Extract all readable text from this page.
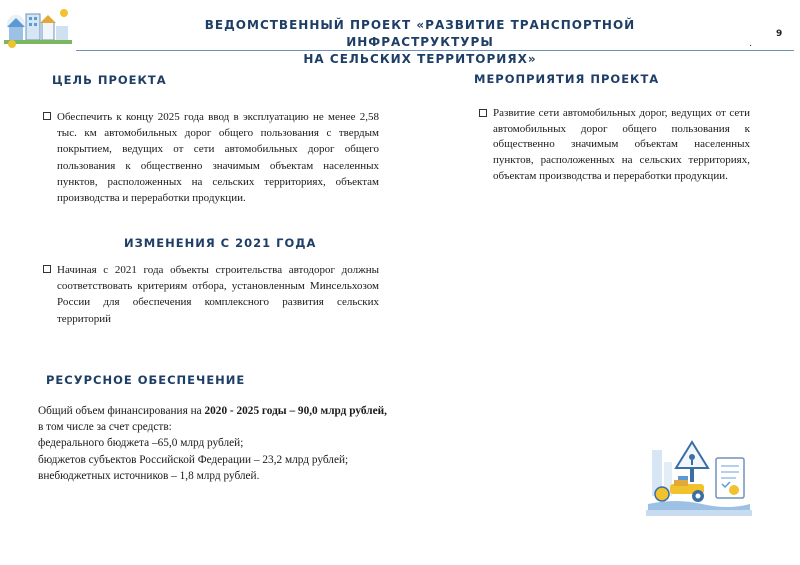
ВЕДОМСТВЕННЫЙ ПРОЕКТ «РАЗВИТИЕ ТРАНСПОРТНОЙ ИНФРАСТРУКТУРЫ
НА СЕЛЬСКИХ ТЕРРИТОРИЯХ»
.
9
ЦЕЛЬ ПРОЕКТА
Обеспечить к концу 2025 года ввод в эксплуатацию не менее 2,58 тыс. км автомобильных дорог общего пользования с твердым покрытием, ведущих от сети автомобильных дорог общего пользования к общественно значимым объектам населенных пунктов, расположенных на сельских территориях, объектам производства и переработки продукции.
ИЗМЕНЕНИЯ С 2021 ГОДА
Начиная с 2021 года объекты строительства автодорог должны соответствовать критериям отбора, установленным Минсельхозом России для обеспечения комплексного развития сельских территорий
МЕРОПРИЯТИЯ ПРОЕКТА
Развитие сети автомобильных дорог, ведущих от сети автомобильных дорог общего пользования к общественно значимым объектам населенных пунктов, расположенных на сельских территориях, объектам производства и переработки продукции.
РЕСУРСНОЕ ОБЕСПЕЧЕНИЕ
Общий объем финансирования на 2020 - 2025 годы – 90,0 млрд рублей,
в том числе за счет средств:
федерального бюджета –65,0 млрд рублей;
бюджетов субъектов Российской Федерации – 23,2 млрд рублей;
внебюджетных источников – 1,8 млрд рублей.
